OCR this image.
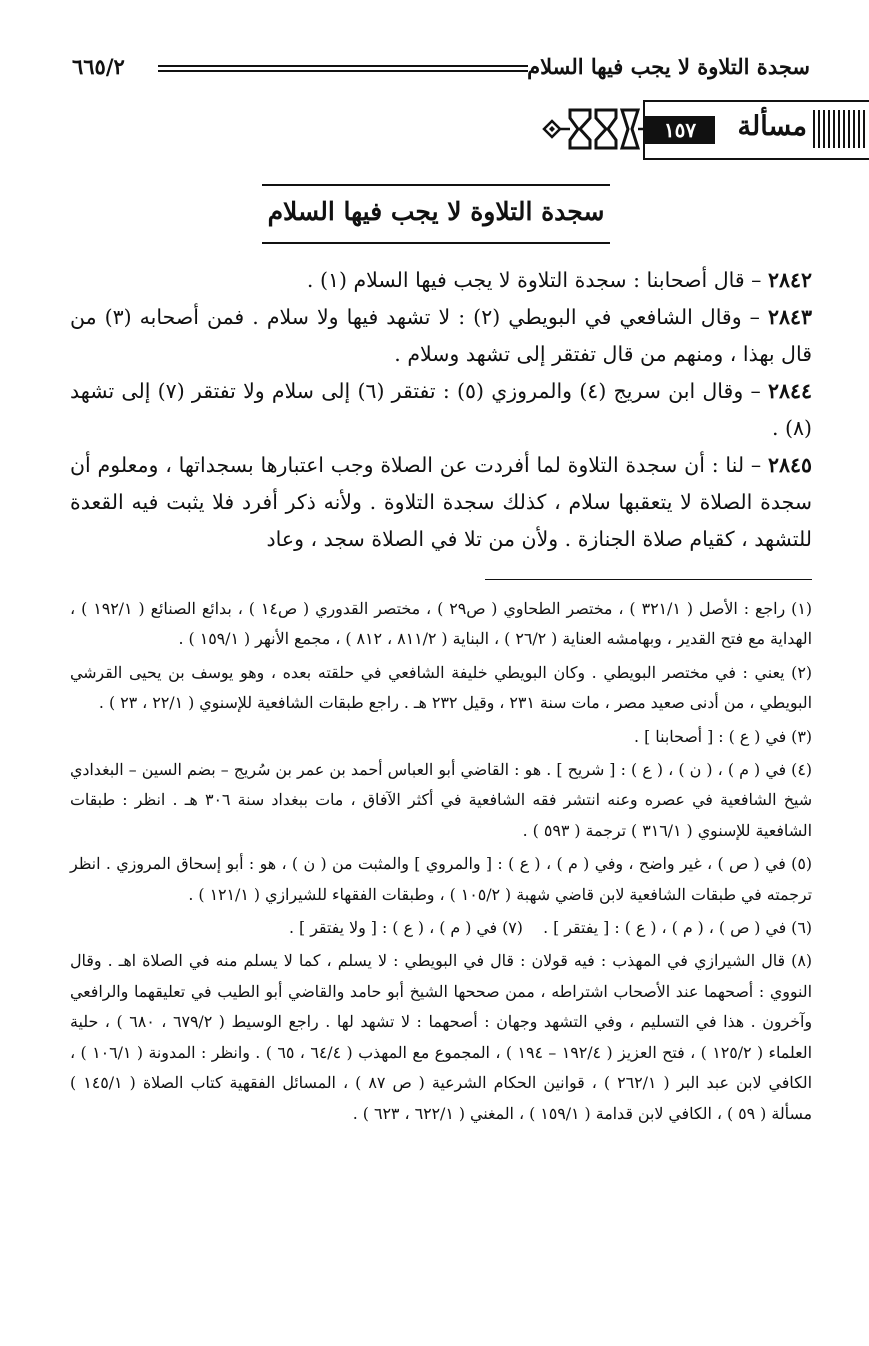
سجدة التلاوة لا يجب فيها السلام
٦٦٥/٢
مسألة
١٥٧
سجدة التلاوة لا يجب فيها السلام

٢٨٤٢ – قال أصحابنا : سجدة التلاوة لا يجب فيها السلام (١) .

٢٨٤٣ – وقال الشافعي في البويطي (٢) : لا تشهد فيها ولا سلام . فمن أصحابه (٣) من قال بهذا ، ومنهم من قال تفتقر إلى تشهد وسلام .

٢٨٤٤ – وقال ابن سريج (٤) والمروزي (٥) : تفتقر (٦) إلى سلام ولا تفتقر (٧) إلى تشهد (٨) .

٢٨٤٥ – لنا : أن سجدة التلاوة لما أفردت عن الصلاة وجب اعتبارها بسجداتها ، ومعلوم أن سجدة الصلاة لا يتعقبها سلام ، كذلك سجدة التلاوة . ولأنه ذكر أفرد فلا يثبت فيه القعدة للتشهد ، كقيام صلاة الجنازة . ولأن من تلا في الصلاة سجد ، وعاد

(١) راجع : الأصل ( ٣٢١/١ ) ، مختصر الطحاوي ( ص٢٩ ) ، مختصر القدوري ( ص١٤ ) ، بدائع الصنائع ( ١٩٢/١ ) ، الهداية مع فتح القدير ، وبهامشه العناية ( ٢٦/٢ ) ، البناية ( ٨١١/٢ ، ٨١٢ ) ، مجمع الأنهر ( ١٥٩/١ ) .

(٢) يعني : في مختصر البويطي . وكان البويطي خليفة الشافعي في حلقته بعده ، وهو يوسف بن يحيى القرشي البويطي ، من أدنى صعيد مصر ، مات سنة ٢٣١ ، وقيل ٢٣٢ هـ . راجع طبقات الشافعية للإسنوي ( ٢٢/١ ، ٢٣ ) .

(٣) في ( ع ) : [ أصحابنا ] .

(٤) في ( م ) ، ( ن ) ، ( ع ) : [ شريح ] . هو : القاضي أبو العباس أحمد بن عمر بن سُريج – بضم السين – البغدادي شيخ الشافعية في عصره وعنه انتشر فقه الشافعية في أكثر الآفاق ، مات ببغداد سنة ٣٠٦ هـ . انظر : طبقات الشافعية للإسنوي ( ٣١٦/١ ) ترجمة ( ٥٩٣ ) .

(٥) في ( ص ) ، غير واضح ، وفي ( م ) ، ( ع ) : [ والمروي ] والمثبت من ( ن ) ، هو : أبو إسحاق المروزي . انظر ترجمته في طبقات الشافعية لابن قاضي شهبة ( ١٠٥/٢ ) ، وطبقات الفقهاء للشيرازي ( ١٢١/١ ) .

(٦) في ( ص ) ، ( م ) ، ( ع ) : [ يفتقر ] .    (٧) في ( م ) ، ( ع ) : [ ولا يفتقر ] .

(٨) قال الشيرازي في المهذب : فيه قولان : قال في البويطي : لا يسلم ، كما لا يسلم منه في الصلاة اهـ . وقال النووي : أصحهما عند الأصحاب اشتراطه ، ممن صححها الشيخ أبو حامد والقاضي أبو الطيب في تعليقهما والرافعي وآخرون . هذا في التسليم ، وفي التشهد وجهان : أصحهما : لا تشهد لها . راجع الوسيط ( ٦٧٩/٢ ، ٦٨٠ ) ، حلية العلماء ( ١٢٥/٢ ) ، فتح العزيز ( ١٩٢/٤ – ١٩٤ ) ، المجموع مع المهذب ( ٦٤/٤ ، ٦٥ ) . وانظر : المدونة ( ١٠٦/١ ) ، الكافي لابن عبد البر ( ٢٦٢/١ ) ، قوانين الحكام الشرعية ( ص ٨٧ ) ، المسائل الفقهية كتاب الصلاة ( ١٤٥/١ ) مسألة ( ٥٩ ) ، الكافي لابن قدامة ( ١٥٩/١ ) ، المغني ( ٦٢٢/١ ، ٦٢٣ ) .
